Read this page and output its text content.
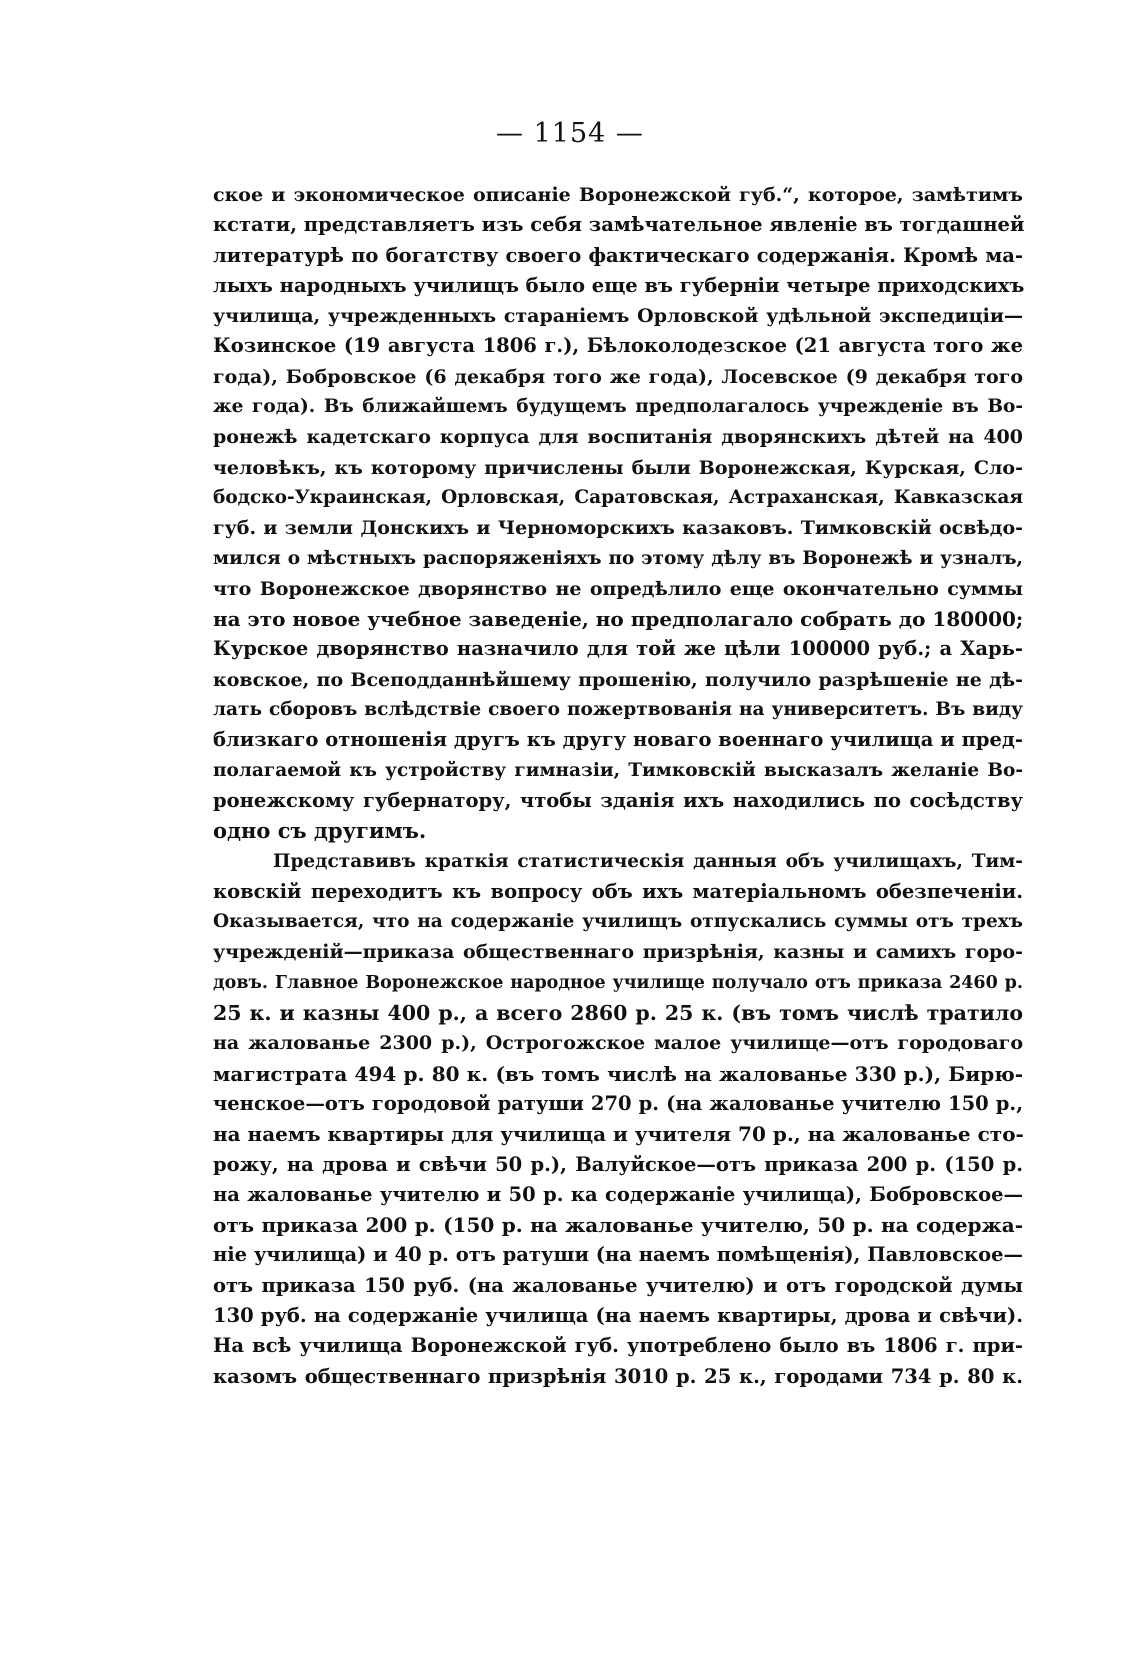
— 1154 —
ское и экономическое описаніе Воронежской губ.“, которое, замѣтимъ
кстати, представляетъ изъ себя замѣчательное явленіе въ тогдашней
литературѣ по богатству своего фактическаго содержанія. Кромѣ ма-
лыхъ народныхъ училищъ было еще въ губерніи четыре приходскихъ
училища, учрежденныхъ стараніемъ Орловской удѣльной экспедиціи—
Козинское (19 августа 1806 г.), Бѣлоколодезское (21 августа того же
года), Бобровское (6 декабря того же года), Лосевское (9 декабря того
же года). Въ ближайшемъ будущемъ предполагалось учрежденіе въ Во-
ронежѣ кадетскаго корпуса для воспитанія дворянскихъ дѣтей на 400
человѣкъ, къ которому причислены были Воронежская, Курская, Сло-
бодско-Украинская, Орловская, Саратовская, Астраханская, Кавказская
губ. и земли Донскихъ и Черноморскихъ казаковъ. Тимковскій освѣдо-
мился о мѣстныхъ распоряженіяхъ по этому дѣлу въ Воронежѣ и узналъ,
что Воронежское дворянство не опредѣлило еще окончательно суммы
на это новое учебное заведеніе, но предполагало собрать до 180000;
Курское дворянство назначило для той же цѣли 100000 руб.; а Харь-
ковское, по Всеподданнѣйшему прошенію, получило разрѣшеніе не дѣ-
лать сборовъ вслѣдствіе своего пожертвованія на университетъ. Въ виду
близкаго отношенія другъ къ другу новаго военнаго училища и пред-
полагаемой къ устройству гимназіи, Тимковскій высказалъ желаніе Во-
ронежскому губернатору, чтобы зданія ихъ находились по сосѣдству
одно съ другимъ.
Представивъ краткія статистическія данныя объ училищахъ, Тим-
ковскій переходитъ къ вопросу объ ихъ матеріальномъ обезпеченіи.
Оказывается, что на содержаніе училищъ отпускались суммы отъ трехъ
учрежденій—приказа общественнаго призрѣнія, казны и самихъ горо-
довъ. Главное Воронежское народное училище получало отъ приказа 2460 р.
25 к. и казны 400 р., а всего 2860 р. 25 к. (въ томъ числѣ тратило
на жалованье 2300 р.), Острогожское малое училище—отъ городоваго
магистрата 494 р. 80 к. (въ томъ числѣ на жалованье 330 р.), Бирю-
ченское—отъ городовой ратуши 270 р. (на жалованье учителю 150 р.,
на наемъ квартиры для училища и учителя 70 р., на жалованье сто-
рожу, на дрова и свѣчи 50 р.), Валуйское—отъ приказа 200 р. (150 р.
на жалованье учителю и 50 р. ка содержаніе училища), Бобровское—
отъ приказа 200 р. (150 р. на жалованье учителю, 50 р. на содержа-
ніе училища) и 40 р. отъ ратуши (на наемъ помѣщенія), Павловское—
отъ приказа 150 руб. (на жалованье учителю) и отъ городской думы
130 руб. на содержаніе училища (на наемъ квартиры, дрова и свѣчи).
На всѣ училища Воронежской губ. употреблено было въ 1806 г. при-
казомъ общественнаго призрѣнія 3010 р. 25 к., городами 734 р. 80 к.
